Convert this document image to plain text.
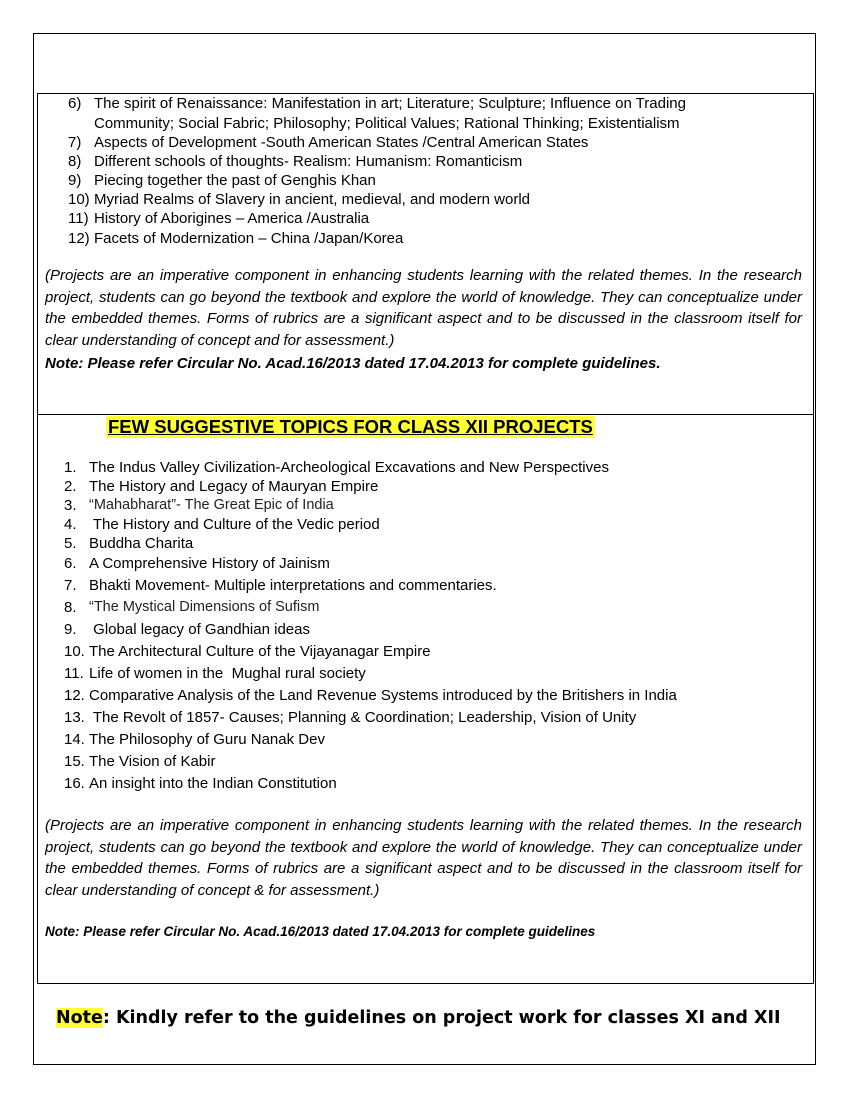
6) The spirit of Renaissance: Manifestation in art; Literature; Sculpture; Influence on Trading
Community; Social Fabric; Philosophy; Political Values; Rational Thinking; Existentialism
7) Aspects of Development -South American States /Central American States
8) Different schools of thoughts- Realism: Humanism: Romanticism
9) Piecing together the past of Genghis Khan
10) Myriad Realms of Slavery in ancient, medieval, and modern world
11) History of Aborigines – America /Australia
12) Facets of Modernization – China /Japan/Korea

(Projects are an imperative component in enhancing students learning with the related themes. In the research project, students can go beyond the textbook and explore the world of knowledge. They can conceptualize under the embedded themes. Forms of rubrics are a significant aspect and to be discussed in the classroom itself for clear understanding of concept and for assessment.)

Note: Please refer Circular No. Acad.16/2013 dated 17.04.2013 for complete guidelines.

FEW SUGGESTIVE TOPICS FOR CLASS XII PROJECTS

1. The Indus Valley Civilization-Archeological Excavations and New Perspectives
2. The History and Legacy of Mauryan Empire
3. “Mahabharat”- The Great Epic of India
4. The History and Culture of the Vedic period
5. Buddha Charita
6. A Comprehensive History of Jainism
7. Bhakti Movement- Multiple interpretations and commentaries.
8. “The Mystical Dimensions of Sufism
9. Global legacy of Gandhian ideas
10. The Architectural Culture of the Vijayanagar Empire
11. Life of women in the  Mughal rural society
12. Comparative Analysis of the Land Revenue Systems introduced by the Britishers in India
13. The Revolt of 1857- Causes; Planning & Coordination; Leadership, Vision of Unity
14. The Philosophy of Guru Nanak Dev
15. The Vision of Kabir
16. An insight into the Indian Constitution

(Projects are an imperative component in enhancing students learning with the related themes. In the research project, students can go beyond the textbook and explore the world of knowledge. They can conceptualize under the embedded themes. Forms of rubrics are a significant aspect and to be discussed in the classroom itself for clear understanding of concept & for assessment.)

Note: Please refer Circular No. Acad.16/2013 dated 17.04.2013 for complete guidelines

Note: Kindly refer to the guidelines on project work for classes XI and XII
